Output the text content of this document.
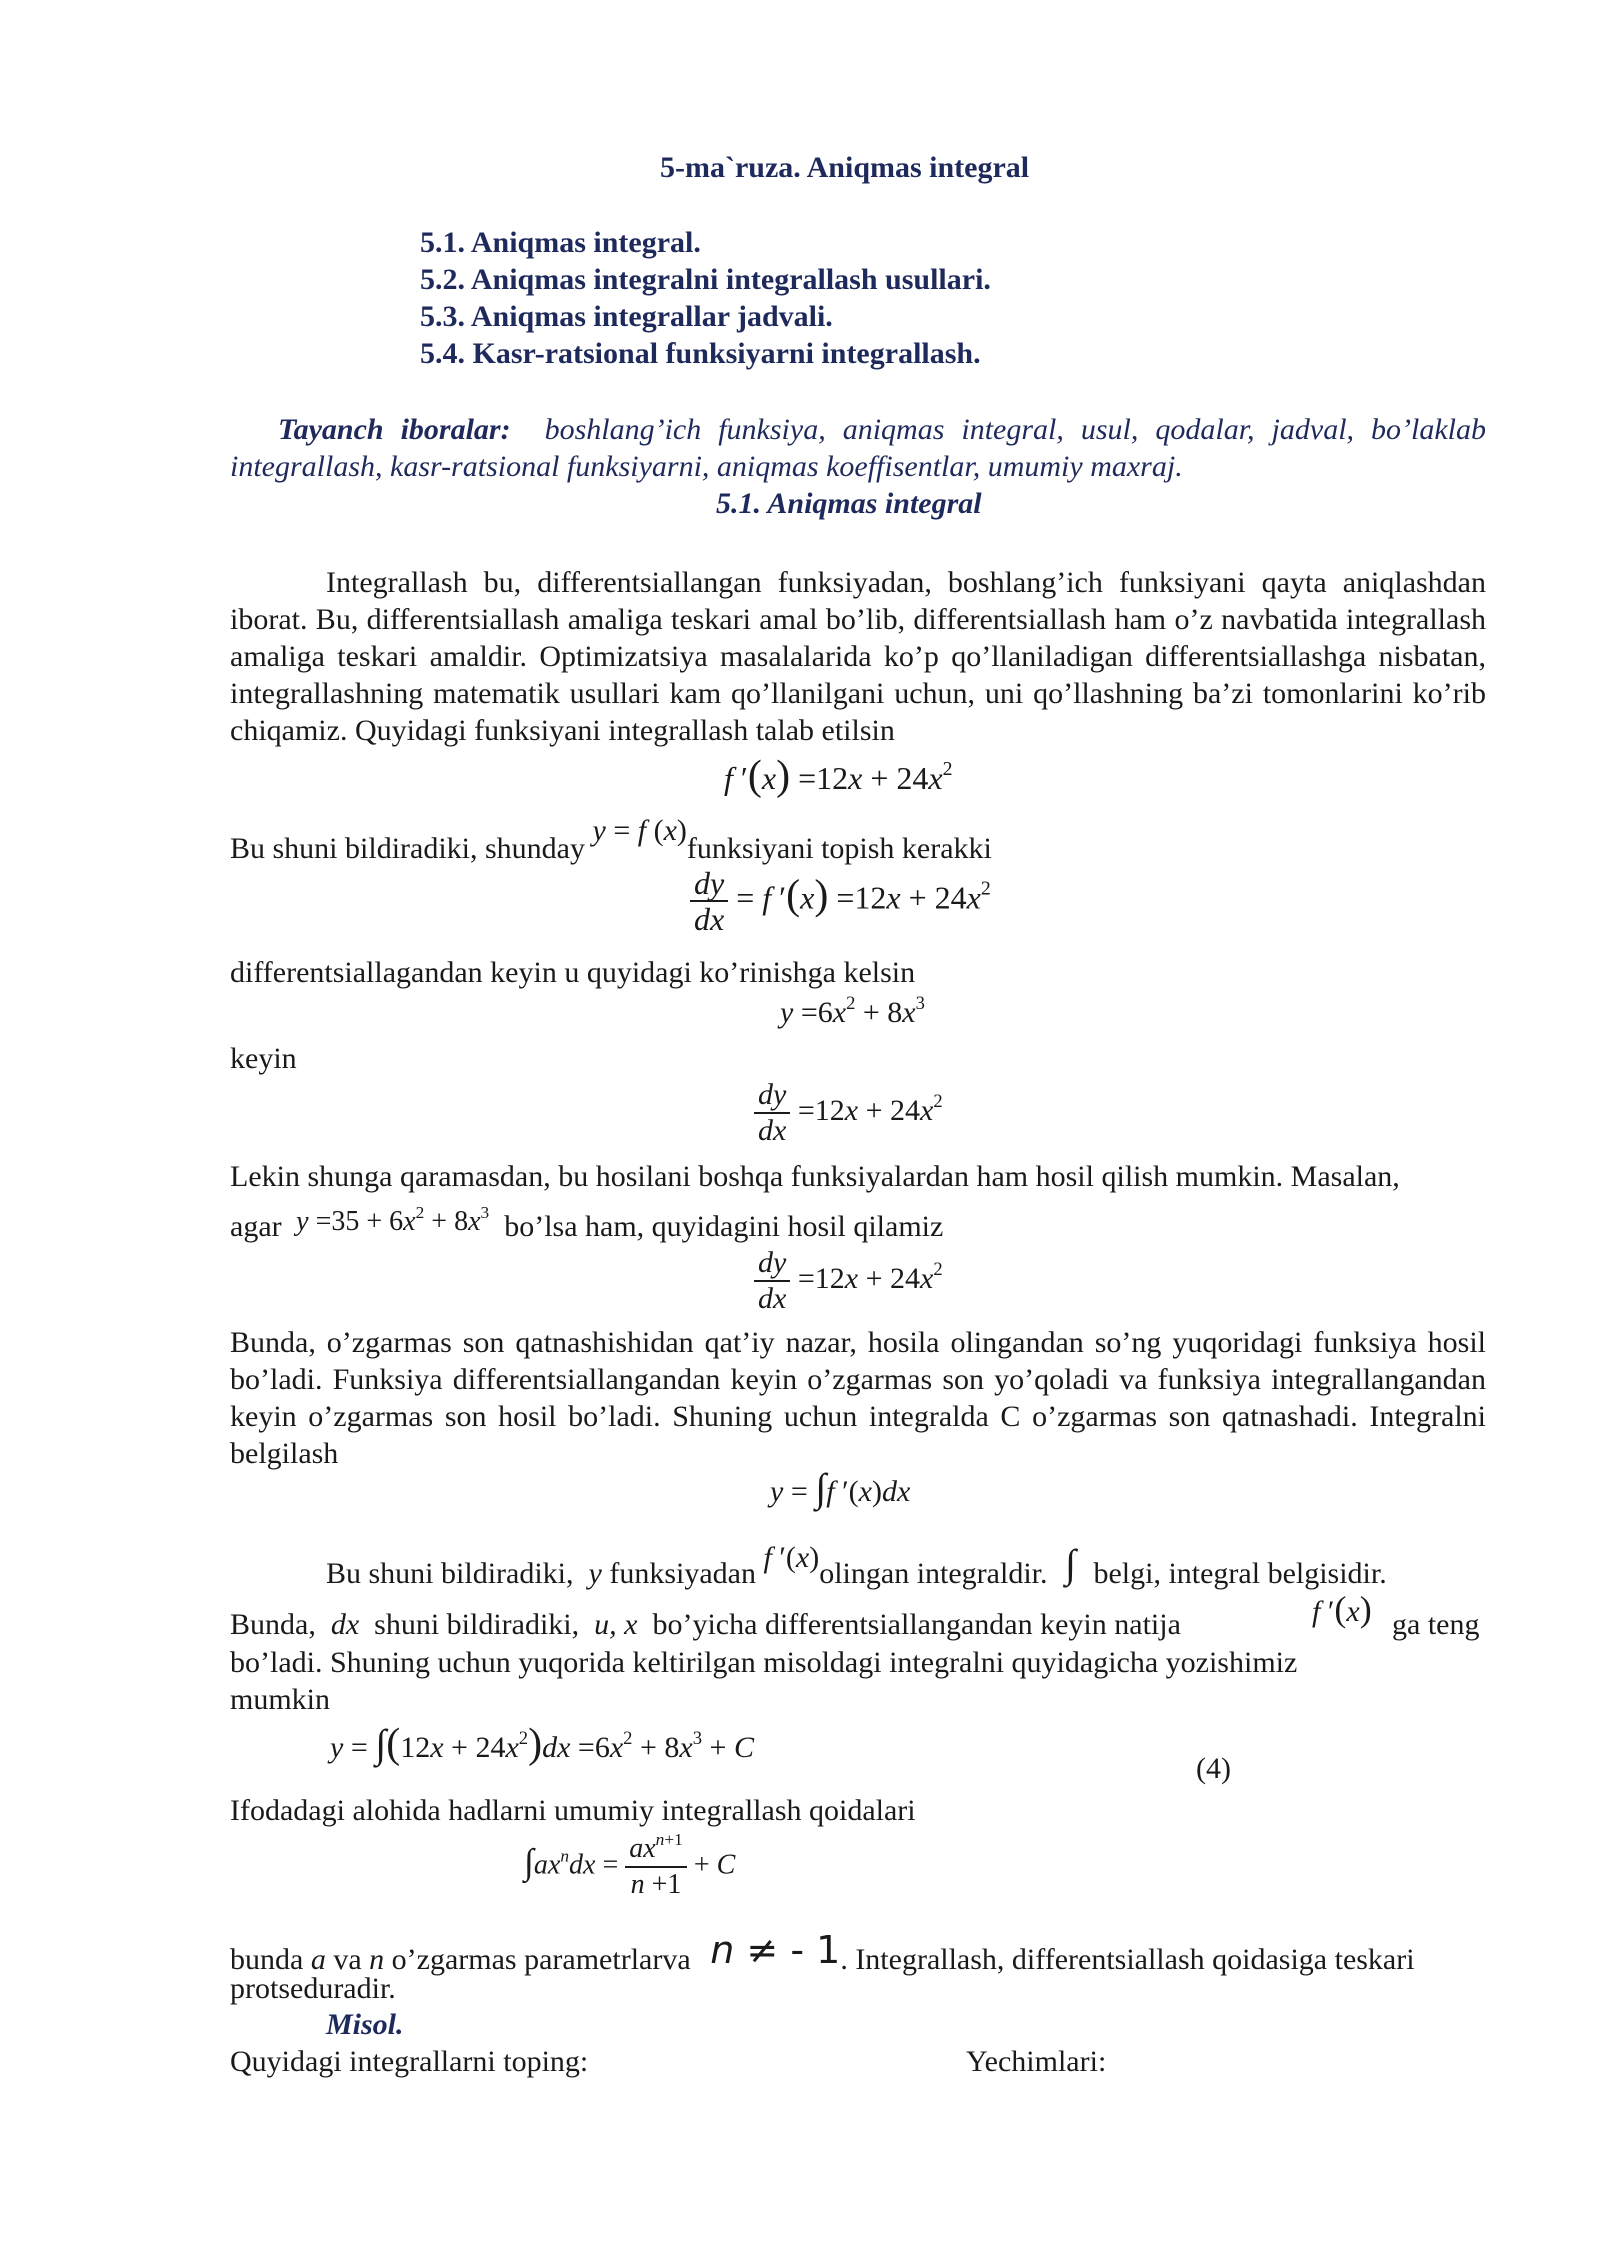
5-ma`ruza. Aniqmas integral
5.1. Aniqmas integral.
5.2. Aniqmas integralni integrallash usullari.
5.3. Aniqmas integrallar jadvali.
5.4. Kasr-ratsional funksiyarni integrallash.
Tayanch iboralar: boshlang’ich funksiya, aniqmas integral, usul, qodalar, jadval, bo’laklab integrallash, kasr-ratsional funksiyarni, aniqmas koeffisentlar, umumiy maxraj.
5.1. Aniqmas integral
Integrallash bu, differentsiallangan funksiyadan, boshlang’ich funksiyani qayta aniqlashdan iborat. Bu, differentsiallash amaliga teskari amal bo’lib, differentsiallash ham o’z navbatida integrallash amaliga teskari amaldir. Optimizatsiya masalalarida ko’p qo’llaniladigan differentsiallashga nisbatan, integrallashning matematik usullari kam qo’llanilgani uchun, uni qo’llashning ba’zi tomonlarini ko’rib chiqamiz. Quyidagi funksiyani integrallash talab etilsin
f $'(x) =12x + 24x^2$
Bu shuni bildiradiki, shunday y = f (x)funksiyani topish kerakki
$\frac{dy}{dx} = f$ $'(x) =12x + 24x^2$
differentsiallagandan keyin u quyidagi ko’rinishga kelsin
$y =6x^2 + 8x^3$
keyin
$\frac{dy}{dx} =12x + 24x^2$
Lekin shunga qaramasdan, bu hosilani boshqa funksiyalardan ham hosil qilish mumkin. Masalan,
agar $y =35 + 6x^2 + 8x^3$ bo’lsa ham, quyidagini hosil qilamiz
$\frac{dy}{dx} =12x + 24x^2$
Bunda, o’zgarmas son qatnashishidan qat’iy nazar, hosila olingandan so’ng yuqoridagi funksiya hosil bo’ladi. Funksiya differentsiallangandan keyin o’zgarmas son yo’qoladi va funksiya integrallangandan keyin o’zgarmas son hosil bo’ladi. Shuning uchun integralda C o’zgarmas son qatnashadi. Integralni belgilash
y = ∫f ′(x)dx
Bu shuni bildiradiki, y funksiyadan f ′(x)olingan integraldir. ∫ belgi, integral belgisidir.
Bunda, dx shuni bildiradiki, u, x bo’yicha differentsiallangandan keyin natija	f ′(x) ga teng
bo’ladi. Shuning uchun yuqorida keltirilgan misoldagi integralni quyidagicha yozishimiz
mumkin
$y = \int(12x + 24x^2)dx =6x^2 + 8x^3 + C$
(4)
Ifodadagi alohida hadlarni umumiy integrallash qoidalari
$\int ax^ndx = \frac{ax^{n+1}}{n +1} + C$
bunda a va n o’zgarmas parametrlarva n ≠ - 1. Integrallash, differentsiallash qoidasiga teskari
protseduradir.
Misol.
Quyidagi integrallarni toping:	Yechimlari:
